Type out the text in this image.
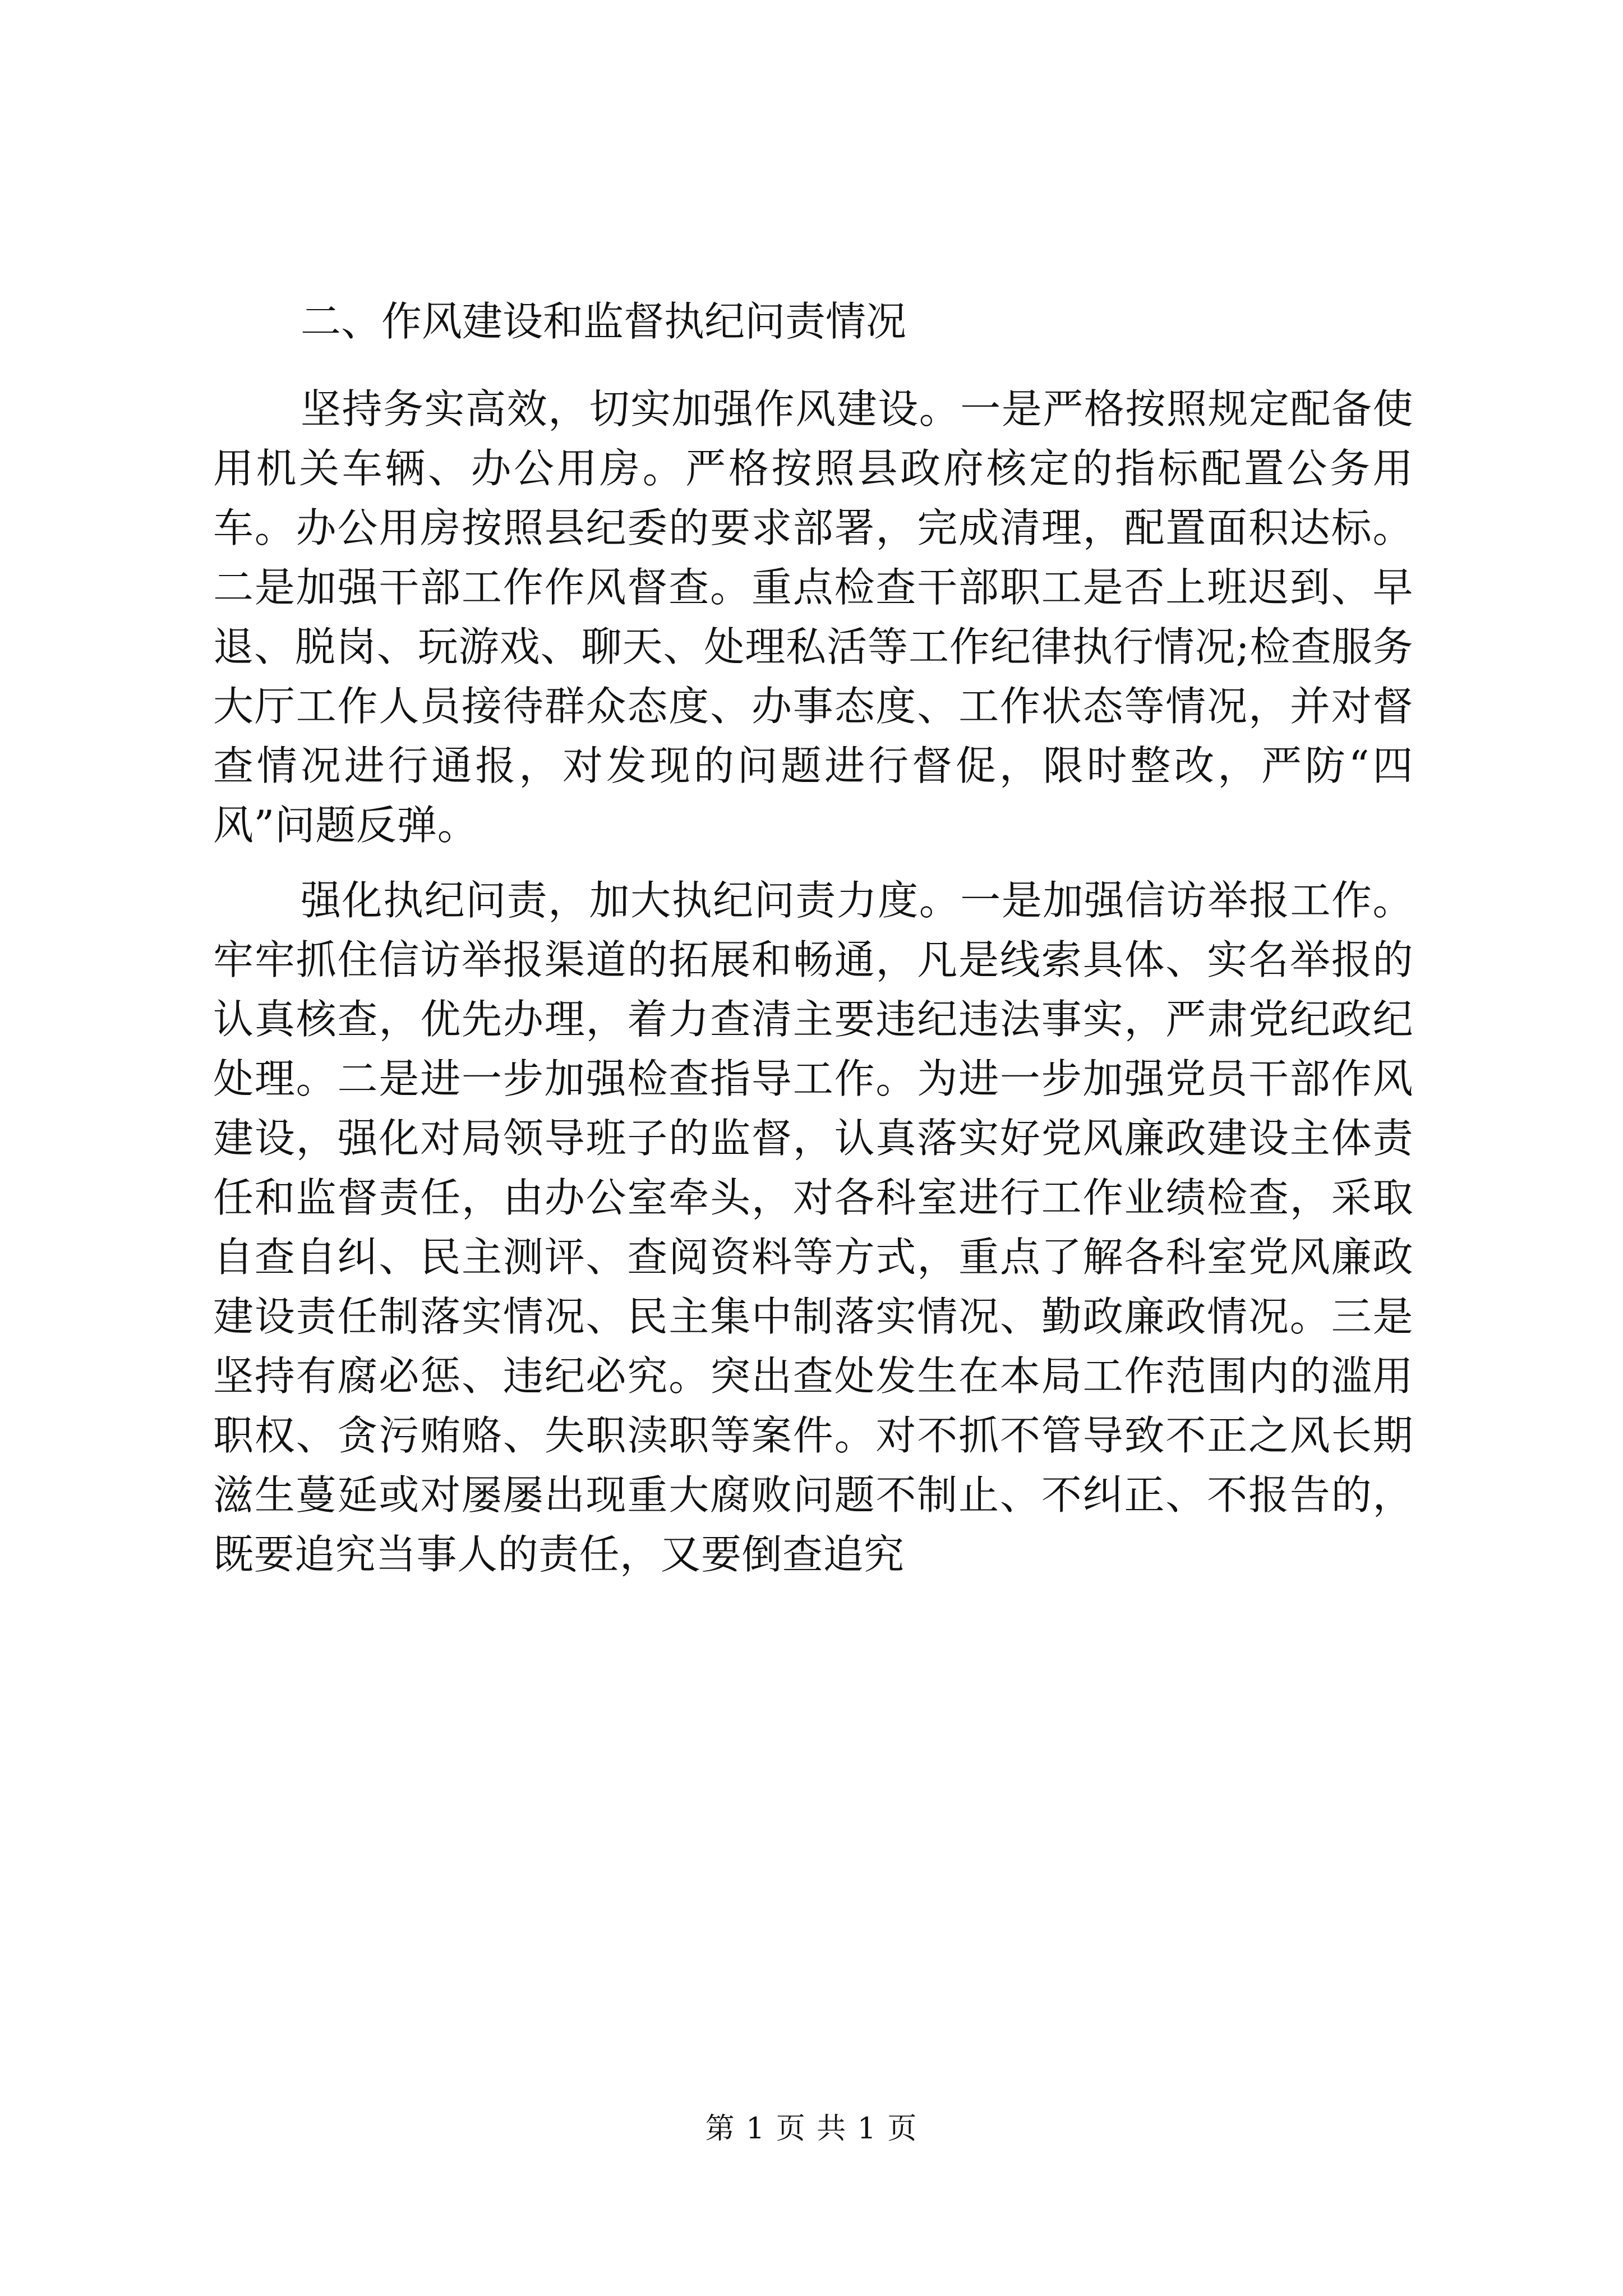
二、作风建设和监督执纪问责情况

坚持务实高效，切实加强作风建设。一是严格按照规定配备使用机关车辆、办公用房。严格按照县政府核定的指标配置公务用车。办公用房按照县纪委的要求部署，完成清理，配置面积达标。二是加强干部工作作风督查。重点检查干部职工是否上班迟到、早退、脱岗、玩游戏、聊天、处理私活等工作纪律执行情况;检查服务大厅工作人员接待群众态度、办事态度、工作状态等情况，并对督查情况进行通报，对发现的问题进行督促，限时整改，严防“四风”问题反弹。

强化执纪问责，加大执纪问责力度。一是加强信访举报工作。牢牢抓住信访举报渠道的拓展和畅通，凡是线索具体、实名举报的认真核查，优先办理，着力查清主要违纪违法事实，严肃党纪政纪处理。二是进一步加强检查指导工作。为进一步加强党员干部作风建设，强化对局领导班子的监督，认真落实好党风廉政建设主体责任和监督责任，由办公室牵头，对各科室进行工作业绩检查，采取自查自纠、民主测评、查阅资料等方式，重点了解各科室党风廉政建设责任制落实情况、民主集中制落实情况、勤政廉政情况。三是坚持有腐必惩、违纪必究。突出查处发生在本局工作范围内的滥用职权、贪污贿赂、失职渎职等案件。对不抓不管导致不正之风长期滋生蔓延或对屡屡出现重大腐败问题不制止、不纠正、不报告的，既要追究当事人的责任，又要倒查追究

第 1 页 共 1 页
